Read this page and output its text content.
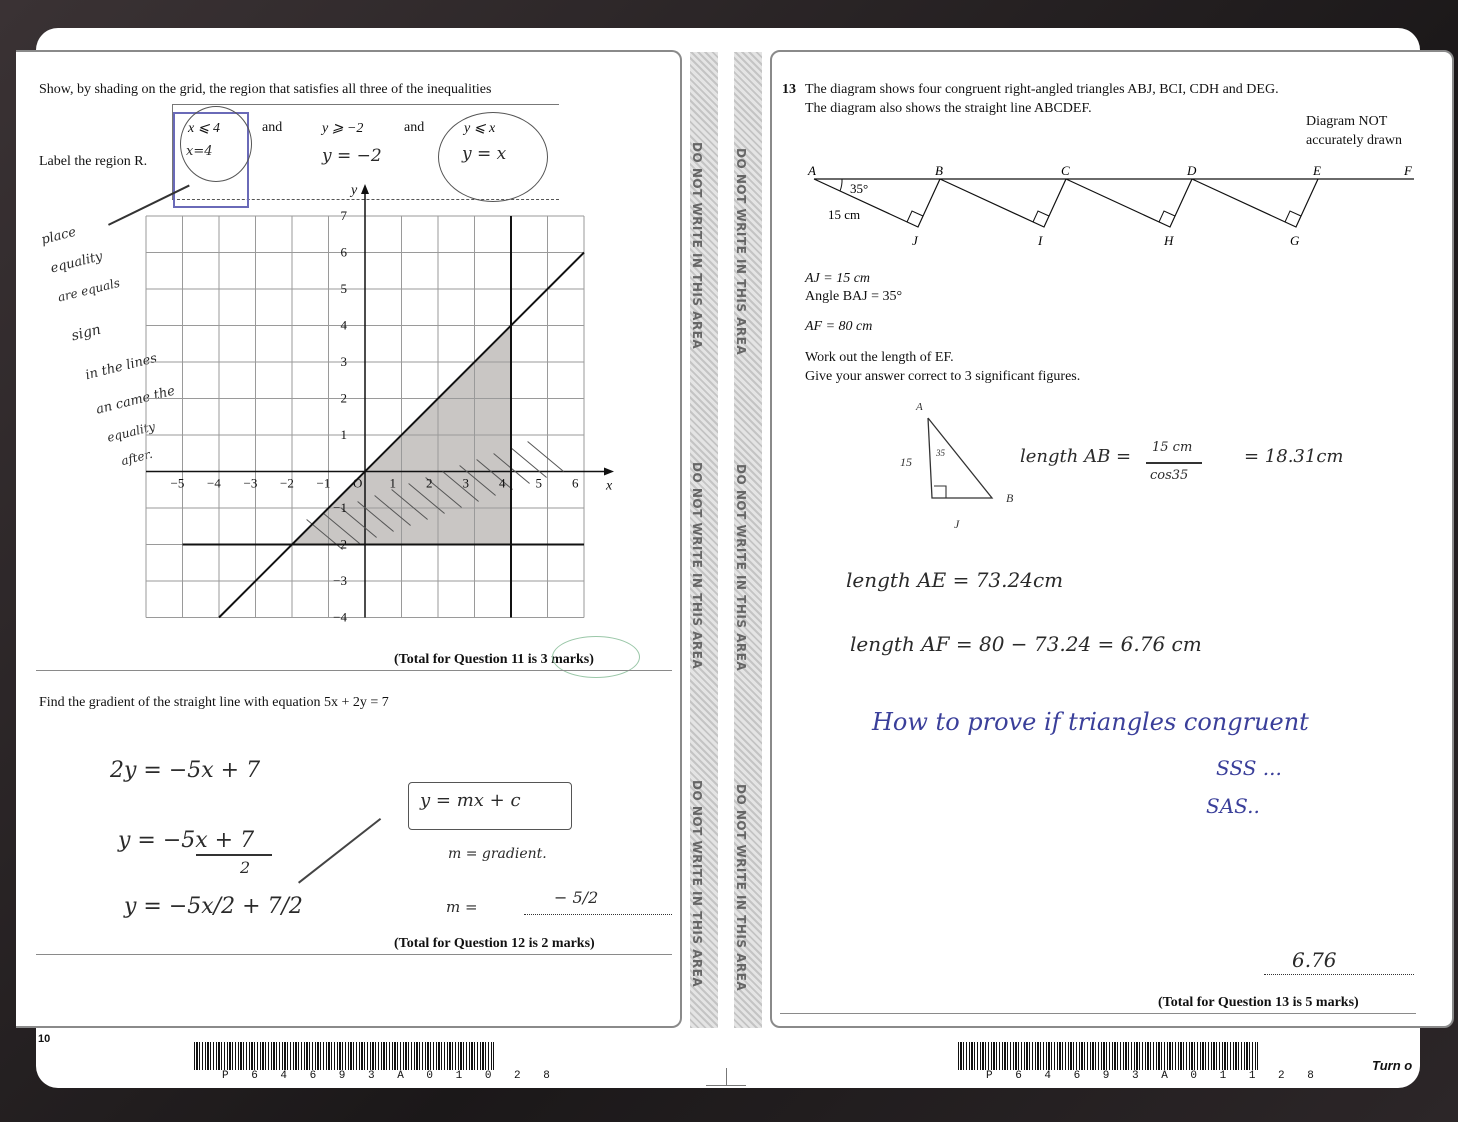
Show, by shading on the grid, the region that satisfies all three of the inequalities
x ⩽ 4	and	y ⩾ −2	and	y ⩽ x
x=4	y = −2	y = x
Label the region R.
place
equality
are equals
sign
in the lines
an came the
equality
after.
−5 −4 −3 −2 −1 O 1 2 3 4 5 6
7
6
5
4
3
2
1
−1
−2
−3
−4
x
y
(Total for Question 11 is 3 marks)
Find the gradient of the straight line with equation 5x + 2y = 7
2y = −5x + 7
y = −5x + 7
2
y = −5x/2 + 7/2
y = mx + c
m = gradient.
m =	− 5/2
(Total for Question 12 is 2 marks)
10
P 6 4 6 9 3 A 0 1 0 2 8
DO NOT WRITE IN THIS AREA
DO NOT WRITE IN THIS AREA
DO NOT WRITE IN THIS AREA
DO NOT WRITE IN THIS AREA
DO NOT WRITE IN THIS AREA
DO NOT WRITE IN THIS AREA
13 The diagram shows four congruent right-angled triangles ABJ, BCI, CDH and DEG.
The diagram also shows the straight line ABCDEF.
Diagram NOT
accurately drawn
A	B	C	D	E	F
J	I	H	G
35°
15 cm
AJ = 15 cm
Angle BAJ = 35°
AF = 80 cm
Work out the length of EF.
Give your answer correct to 3 significant figures.
A
15
35
B
J
length AB = 15 cm
cos35
= 18.31cm
length AE = 73.24cm
length AF = 80 − 73.24 = 6.76 cm
How to prove if triangles congruent
SSS ...
SAS..
6.76
(Total for Question 13 is 5 marks)
P 6 4 6 9 3 A 0 1 1 2 8
Turn o
